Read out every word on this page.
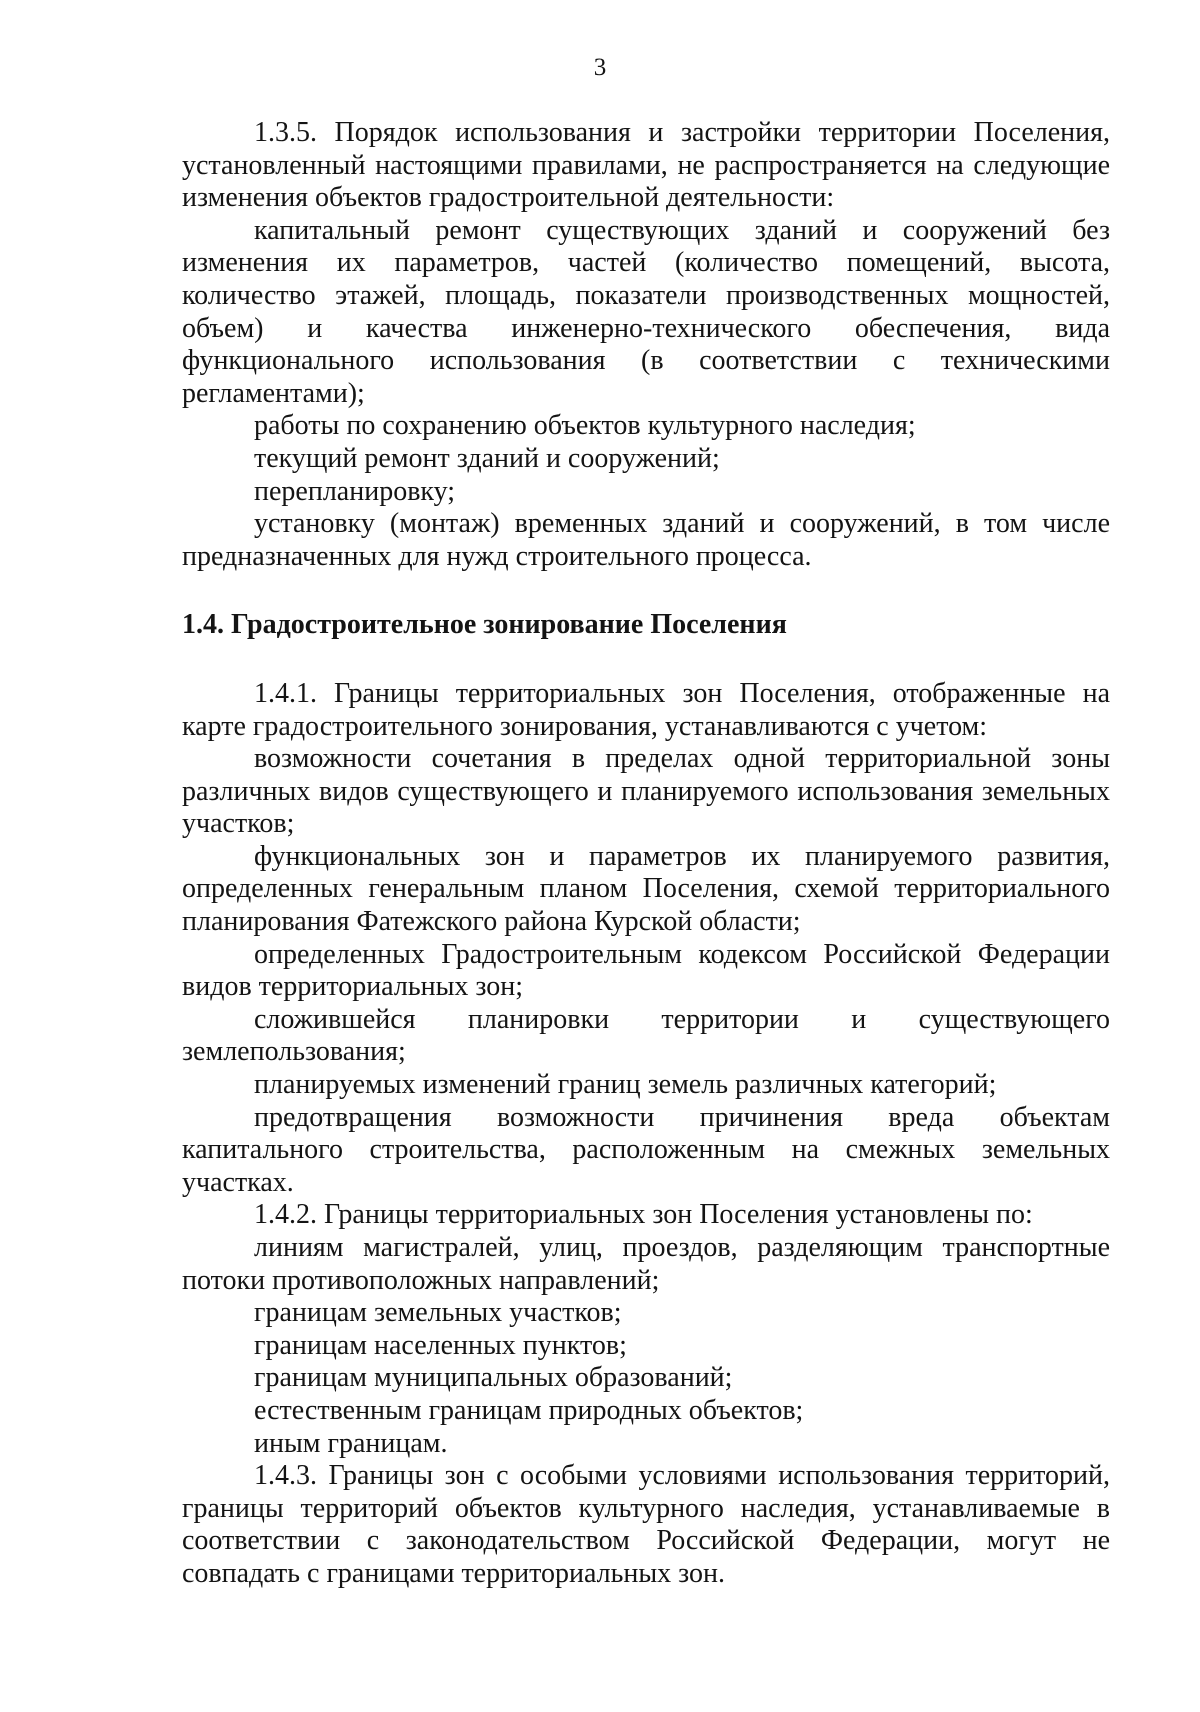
3

1.3.5. Порядок использования и застройки территории Поселения, установленный настоящими правилами, не распространяется на следующие изменения объектов градостроительной деятельности:

капитальный ремонт существующих зданий и сооружений без изменения их параметров, частей (количество помещений, высота, количество этажей, площадь, показатели производственных мощностей, объем) и качества инженерно-технического обеспечения, вида функционального использования (в соответствии с техническими регламентами);

работы по сохранению объектов культурного наследия;

текущий ремонт зданий и сооружений;

перепланировку;

установку (монтаж) временных зданий и сооружений, в том числе предназначенных для нужд строительного процесса.

1.4. Градостроительное зонирование Поселения

1.4.1. Границы территориальных зон Поселения, отображенные на карте градостроительного зонирования, устанавливаются с учетом:

возможности сочетания в пределах одной территориальной зоны различных видов существующего и планируемого использования земельных участков;

функциональных зон и параметров их планируемого развития, определенных генеральным планом Поселения, схемой территориального планирования Фатежского района Курской области;

определенных Градостроительным кодексом Российской Федерации видов территориальных зон;

сложившейся планировки территории и существующего землепользования;

планируемых изменений границ земель различных категорий;

предотвращения возможности причинения вреда объектам капитального строительства, расположенным на смежных земельных участках.

1.4.2. Границы территориальных зон Поселения установлены по:

линиям магистралей, улиц, проездов, разделяющим транспортные потоки противоположных направлений;

границам земельных участков;

границам населенных пунктов;

границам муниципальных образований;

естественным границам природных объектов;

иным границам.

1.4.3. Границы зон с особыми условиями использования территорий, границы территорий объектов культурного наследия, устанавливаемые в соответствии с законодательством Российской Федерации, могут не совпадать с границами территориальных зон.
